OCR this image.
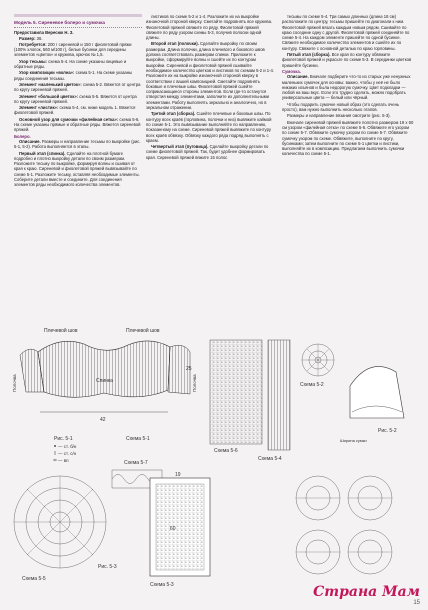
Модель 5. Сиреневое болеро и сумочка
Предоставила Вересюк Н. З.
Размер: 36.
Потребуется: 200 г сиреневой и 150 г фиолетовой пряжи (100% хлопок, 560 м/100 г), белые бусинки для середины элементов «цветок» и кружева, крючок № 1,5.
Узор тесьмы: схема 5-4. На схеме указаны лицевые и обратные ряды.
Узор композиции «волна»: схема 5-1. На схеме указаны ряды соединения тесьмы.
Элемент «маленький цветок»: схема 5-2. Вяжется от центра по кругу сиреневой пряжей.
Элемент «большой цветок»: схема 5-5. Вяжется от центра по кругу сиреневой пряжей.
Элемент «листик»: схема 5-4, см. ниже модель 1. Вяжется фиолетовой пряжей.
Основной узор для сумочки «филейная сетка»: схема 5-6. На схеме указаны прямые и обратные ряды. Вяжется сиреневой пряжей.
Болеро.
Описание. Размеры и направление тесьмы по выкройке (рис. 5-1, 5-2). Работа выполняется в этапы.
Первый этап (спинка). Сделайте на плотной бумаге подробно и плотно выкройку детали по своим размерам. Разложите тесьму по выкройке, формируя волны и сшивая от края к краю. Сиреневой и фиолетовой пряжей вывязывайте по схеме 5-1. Разложите тесьму, оставляя необходимые элементы. Соберите детали вместе и соедините. Для соединения элементов ряды необходимого количества элементов.
листиков по схеме 5-2 и 1-4. Разложите их на выкройке изнаночной стороной кверху. Сметайте подровнять все кружева. Фиолетовой пряжей свяжите по ряду. Фиолетовой пряжей свяжите по ряду узором схемы 5-3, получив полоски одной длины.
Второй этап (полочки). Сделайте выкройку по своим размерам. Длина полочки, длина плечевого и бокового швов должна соответствовать размерам спинки. Приложите к выкройке, сформируйте волны и сшейте их по контурам выкройки. Сиреневой и фиолетовой пряжей сшивайте необходимое количество цветков и листиков по схемам 5-2 и 1-4. Разложите их на выкройке изнаночной стороной кверху в соответствии с вашей композицией. Сметайте подровнять боковые и плечевые швы. Фиолетовой пряжей сшейте соприкасающиеся стороны элементов. Если где-то останутся отверстия между элементами, заполните их дополнительными элементами. Работу выполнять зеркально и аналогично, но в зеркальном отражении.
Третий этап (сборка). Сшейте плечевые и боковые швы. По контуру всех краёв (горловина, полочки и низ) вывяжите каймой по схеме 5-1. Это вывязывание выполняйте по направлению, показанному на схеме. Сиреневой пряжей вывяжите по контуру всех краёв обвязку. Обвязку каждого ряда подряд выполнять с краем.
Четвертый этап (пуговица). Сделайте выкройку детали по схеме фиолетовой пряжей. Так, будет удобнее формировать края. Сиреневой пряжей вяжите 15 полос
тесьмы по схеме 5-4. Три самых длинных (длина 18 см) расположите по центру, тесьмы пришейте по диагонали к ним. Фиолетовой пряжей вязать каждым новым рядом. Сшивайте по краю соседние одну с другой. Фиолетовой пряжей соединяйте по схеме 5-4. На каждом элементе пришейте по одной бусинке. Свяжите необходимое количество элементов и сшейте их по контуру. Свяжите с основной деталью по краю горловины.
Пятый этап (сборка). Все края по контуру обвяжите фиолетовой пряжей и украсьте по схеме 5-3. В серединки цветков пришейте бусинки.
Сумочка.
Описание. Вначале подберите что-то из старых уже ненужных маленьких сумочек для основы: важно, чтобы у неё не было никаких изъянов и была недорогую сумочку. Цвет подкладки — любой на ваш вкус. Если это трудно сделать, можно подобрать универсальные цвета — белый или чёрный.
Чтобы подарить сумочке новый образ (это сделать очень просто), вам нужно выполнить несколько этапов.
Размеры и направление вязания смотрите (рис. 5-3).
Вначале сиреневой пряжей вывяжите полотно размером 19 x 60 см узором «филейная сетка» по схеме 5-6. Обвяжите его узором по схеме 5-7. Обвяжите сумочку узором по схеме 5-7. Обвяжите сумочку узором по схеме. Обвяжите, выполните по кругу, бусинками; затем выполните по схеме 5-1 цветки и листики, выполняйте их в композицию. Предлагаем выполнить сумочки количества по схеме 5-1.
Плечевой шов	Плечевой шов
Полочка	Полочка
Спинка
42
25
Рис. 5-1	Схема 5-1
— ст. б/н
— ст. с/н
— вп
Схема 5-5
Схема 5-7
19
60
Рис. 5-3
Схема 5-3
Схема 5-6
Схема 5-4
Схема 5-2
Рис. 5-2
Ширина сумки
Страна Мам
15
